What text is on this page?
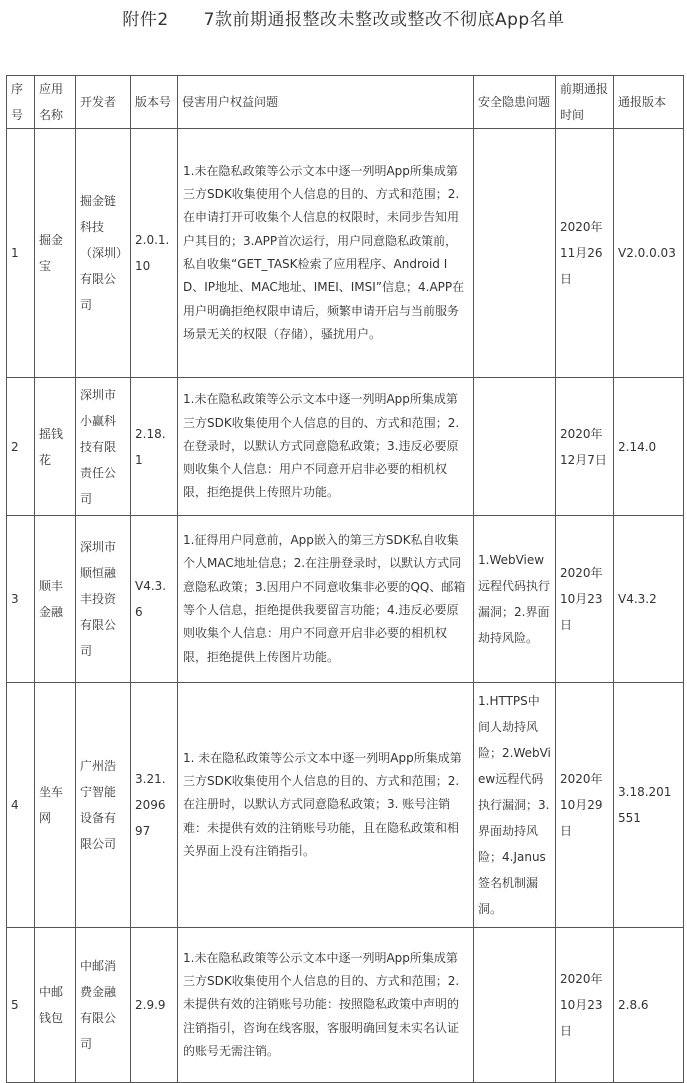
附件2　　7款前期通报整改未整改或整改不彻底App名单
序号	应用名称	开发者	版本号	侵害用户权益问题	安全隐患问题	前期通报时间	通报版本
1	掘金宝	掘金链科技（深圳）有限公司	2.0.1.10	1.未在隐私政策等公示文本中逐一列明App所集成第三方SDK收集使用个人信息的目的、方式和范围；2.在申请打开可收集个人信息的权限时，未同步告知用户其目的；3.APP首次运行，用户同意隐私政策前，私自收集“GET_TASK检索了应用程序、Android ID、IP地址、MAC地址、IMEI、IMSI”信息；4.APP在用户明确拒绝权限申请后，频繁申请开启与当前服务场景无关的权限（存储），骚扰用户。		2020年11月26日	V2.0.0.03
2	摇钱花	深圳市小赢科技有限责任公司	2.18.1	1.未在隐私政策等公示文本中逐一列明App所集成第三方SDK收集使用个人信息的目的、方式和范围；2.在登录时，以默认方式同意隐私政策；3.违反必要原则收集个人信息：用户不同意开启非必要的相机权限，拒绝提供上传照片功能。		2020年12月7日	2.14.0
3	顺丰金融	深圳市顺恒融丰投资有限公司	V4.3.6	1.征得用户同意前，App嵌入的第三方SDK私自收集个人MAC地址信息；2.在注册登录时，以默认方式同意隐私政策；3.因用户不同意收集非必要的QQ、邮箱等个人信息，拒绝提供我要留言功能；4.违反必要原则收集个人信息：用户不同意开启非必要的相机权限，拒绝提供上传图片功能。	1.WebView远程代码执行漏洞；2.界面劫持风险。	2020年10月23日	V4.3.2
4	坐车网	广州浩宁智能设备有限公司	3.21.209697	1. 未在隐私政策等公示文本中逐一列明App所集成第三方SDK收集使用个人信息的目的、方式和范围；2. 在注册时，以默认方式同意隐私政策；3. 账号注销难：未提供有效的注销账号功能，且在隐私政策和相关界面上没有注销指引。	1.HTTPS中间人劫持风险；2.WebView远程代码执行漏洞；3.界面劫持风险；4.Janus签名机制漏洞。	2020年10月29日	3.18.201551
5	中邮钱包	中邮消费金融有限公司	2.9.9	1.未在隐私政策等公示文本中逐一列明App所集成第三方SDK收集使用个人信息的目的、方式和范围；2.未提供有效的注销账号功能：按照隐私政策中声明的注销指引，咨询在线客服，客服明确回复未实名认证的账号无需注销。		2020年10月23日	2.8.6
